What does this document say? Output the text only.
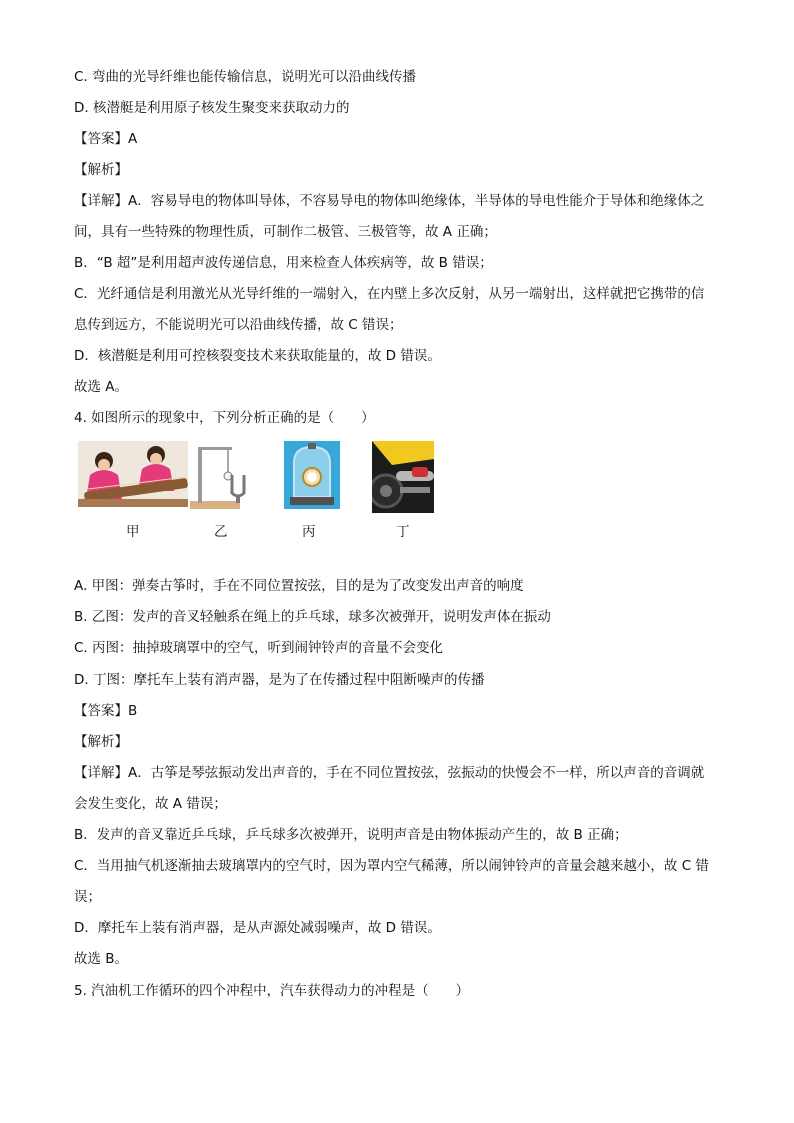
C. 弯曲的光导纤维也能传输信息，说明光可以沿曲线传播
D. 核潜艇是利用原子核发生聚变来获取动力的
【答案】A
【解析】
【详解】A．容易导电的物体叫导体，不容易导电的物体叫绝缘体，半导体的导电性能介于导体和绝缘体之
间，具有一些特殊的物理性质，可制作二极管、三极管等，故 A 正确；
B．“B 超”是利用超声波传递信息，用来检查人体疾病等，故 B 错误；
C．光纤通信是利用激光从光导纤维的一端射入，在内壁上多次反射，从另一端射出，这样就把它携带的信
息传到远方，不能说明光可以沿曲线传播，故 C 错误；
D．核潜艇是利用可控核裂变技术来获取能量的，故 D 错误。
故选 A。
4. 如图所示的现象中，下列分析正确的是（　　）
甲	乙	丙	丁
A. 甲图：弹奏古筝时，手在不同位置按弦，目的是为了改变发出声音的响度
B. 乙图：发声的音叉轻触系在绳上的乒乓球，球多次被弹开，说明发声体在振动
C. 丙图：抽掉玻璃罩中的空气，听到闹钟铃声的音量不会变化
D. 丁图：摩托车上装有消声器，是为了在传播过程中阻断噪声的传播
【答案】B
【解析】
【详解】A．古筝是琴弦振动发出声音的，手在不同位置按弦，弦振动的快慢会不一样，所以声音的音调就
会发生变化，故 A 错误；
B．发声的音叉靠近乒乓球，乒乓球多次被弹开，说明声音是由物体振动产生的，故 B 正确；
C．当用抽气机逐渐抽去玻璃罩内的空气时，因为罩内空气稀薄，所以闹钟铃声的音量会越来越小，故 C 错
误；
D．摩托车上装有消声器，是从声源处减弱噪声，故 D 错误。
故选 B。
5. 汽油机工作循环的四个冲程中，汽车获得动力的冲程是（　　）
